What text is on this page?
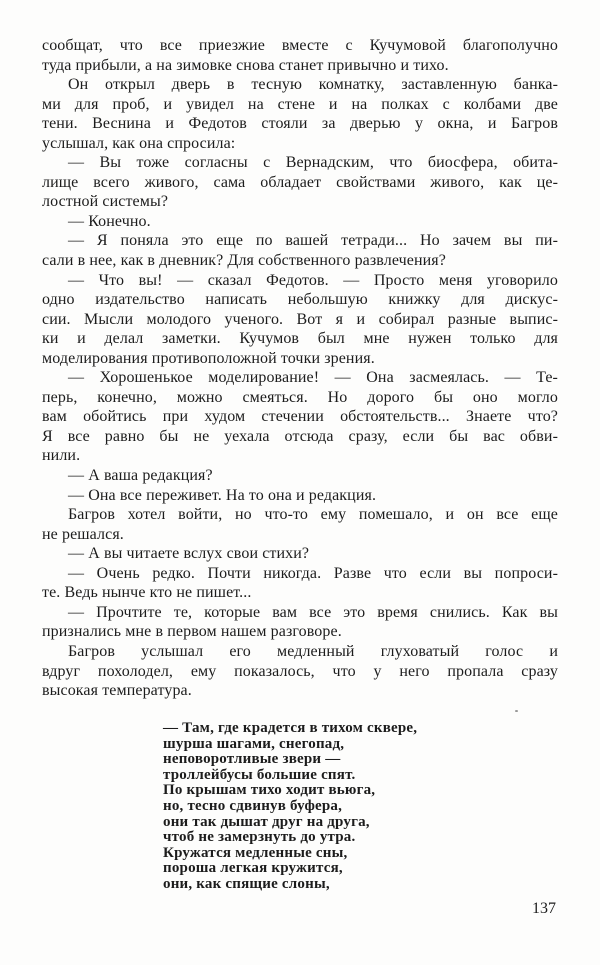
сообщат, что все приезжие вместе с Кучумовой благополучно
туда прибыли, а на зимовке снова станет привычно и тихо.
Он открыл дверь в тесную комнатку, заставленную банка-
ми для проб, и увидел на стене и на полках с колбами две
тени. Веснина и Федотов стояли за дверью у окна, и Багров
услышал, как она спросила:
— Вы тоже согласны с Вернадским, что биосфера, обита-
лище всего живого, сама обладает свойствами живого, как це-
лостной системы?
— Конечно.
— Я поняла это еще по вашей тетради... Но зачем вы пи-
сали в нее, как в дневник? Для собственного развлечения?
— Что вы! — сказал Федотов. — Просто меня уговорило
одно издательство написать небольшую книжку для дискус-
сии. Мысли молодого ученого. Вот я и собирал разные выпис-
ки и делал заметки. Кучумов был мне нужен только для
моделирования противоположной точки зрения.
— Хорошенькое моделирование! — Она засмеялась. — Те-
перь, конечно, можно смеяться. Но дорого бы оно могло
вам обойтись при худом стечении обстоятельств... Знаете что?
Я все равно бы не уехала отсюда сразу, если бы вас обви-
нили.
— А ваша редакция?
— Она все переживет. На то она и редакция.
Багров хотел войти, но что-то ему помешало, и он все еще
не решался.
— А вы читаете вслух свои стихи?
— Очень редко. Почти никогда. Разве что если вы попроси-
те. Ведь нынче кто не пишет...
— Прочтите те, которые вам все это время снились. Как вы
признались мне в первом нашем разговоре.
Багров услышал его медленный глуховатый голос и
вдруг похолодел, ему показалось, что у него пропала сразу
высокая температура.
— Там, где крадется в тихом сквере,
шурша шагами, снегопад,
неповоротливые звери —
троллейбусы большие спят.
По крышам тихо ходит вьюга,
но, тесно сдвинув буфера,
они так дышат друг на друга,
чтоб не замерзнуть до утра.
Кружатся медленные сны,
пороша легкая кружится,
они, как спящие слоны,
137
